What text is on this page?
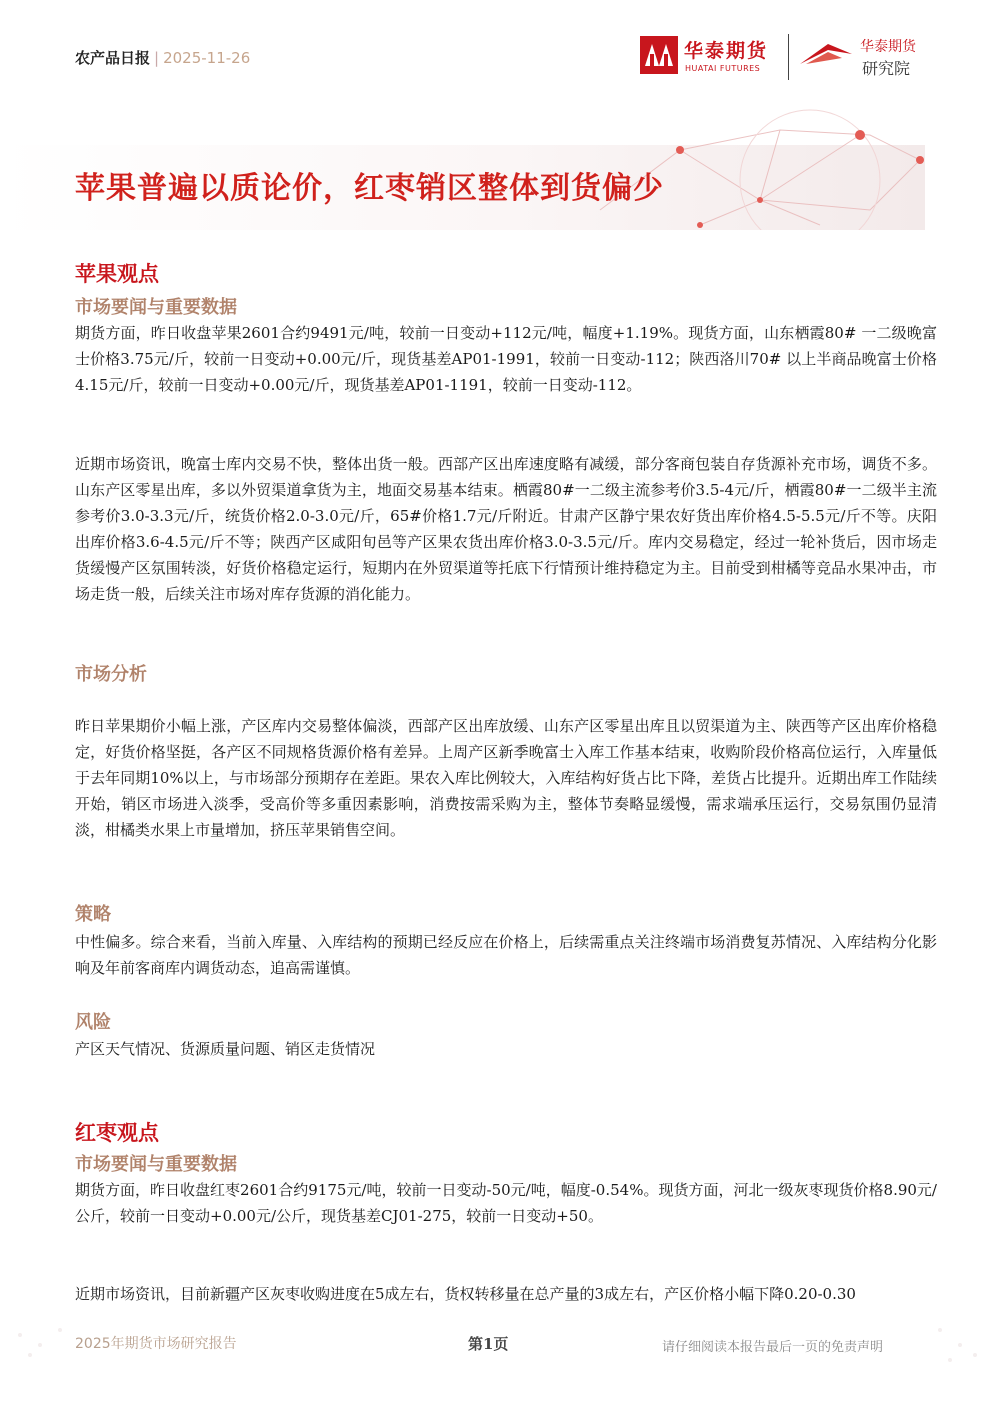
农产品日报 | 2025-11-26	华泰期货
HUATAI FUTURES
华泰期货
研究院
苹果普遍以质论价，红枣销区整体到货偏少
苹果观点
市场要闻与重要数据

期货方面，昨日收盘苹果2601合约9491元/吨，较前一日变动+112元/吨，幅度+1.19%。现货方面，山东栖霞80# 一二级晚富士价格3.75元/斤，较前一日变动+0.00元/斤，现货基差AP01-1991，较前一日变动-112；陕西洛川70# 以上半商品晚富士价格4.15元/斤，较前一日变动+0.00元/斤，现货基差AP01-1191，较前一日变动-112。

近期市场资讯，晚富士库内交易不快，整体出货一般。西部产区出库速度略有减缓，部分客商包装自存货源补充市场，调货不多。山东产区零星出库，多以外贸渠道拿货为主，地面交易基本结束。栖霞80#一二级主流参考价3.5-4元/斤，栖霞80#一二级半主流参考价3.0-3.3元/斤，统货价格2.0-3.0元/斤，65#价格1.7元/斤附近。甘肃产区静宁果农好货出库价格4.5-5.5元/斤不等。庆阳出库价格3.6-4.5元/斤不等；陕西产区咸阳旬邑等产区果农货出库价格3.0-3.5元/斤。库内交易稳定，经过一轮补货后，因市场走货缓慢产区氛围转淡，好货价格稳定运行，短期内在外贸渠道等托底下行情预计维持稳定为主。目前受到柑橘等竞品水果冲击，市场走货一般，后续关注市场对库存货源的消化能力。

市场分析

昨日苹果期价小幅上涨，产区库内交易整体偏淡，西部产区出库放缓、山东产区零星出库且以贸渠道为主、陕西等产区出库价格稳定，好货价格坚挺，各产区不同规格货源价格有差异。上周产区新季晚富士入库工作基本结束，收购阶段价格高位运行，入库量低于去年同期10%以上，与市场部分预期存在差距。果农入库比例较大，入库结构好货占比下降，差货占比提升。近期出库工作陆续开始，销区市场进入淡季，受高价等多重因素影响，消费按需采购为主，整体节奏略显缓慢，需求端承压运行，交易氛围仍显清淡，柑橘类水果上市量增加，挤压苹果销售空间。

策略

中性偏多。综合来看，当前入库量、入库结构的预期已经反应在价格上，后续需重点关注终端市场消费复苏情况、入库结构分化影响及年前客商库内调货动态，追高需谨慎。

风险

产区天气情况、货源质量问题、销区走货情况

红枣观点
市场要闻与重要数据

期货方面，昨日收盘红枣2601合约9175元/吨，较前一日变动-50元/吨，幅度-0.54%。现货方面，河北一级灰枣现货价格8.90元/公斤，较前一日变动+0.00元/公斤，现货基差CJ01-275，较前一日变动+50。

近期市场资讯，目前新疆产区灰枣收购进度在5成左右，货权转移量在总产量的3成左右，产区价格小幅下降0.20-0.30

2025年期货市场研究报告	第1页	请仔细阅读本报告最后一页的免责声明
